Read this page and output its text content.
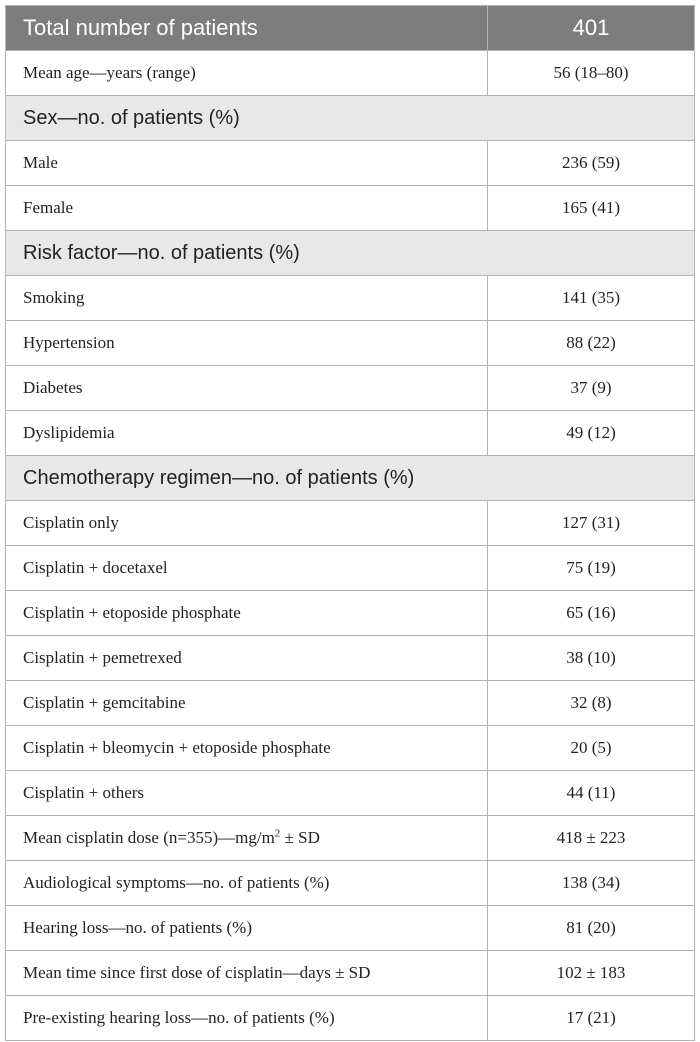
Total number of patients	401
Mean age—years (range)	56 (18–80)
Sex—no. of patients (%)	
Male	236 (59)
Female	165 (41)
Risk factor—no. of patients (%)	
Smoking	141 (35)
Hypertension	88 (22)
Diabetes	37 (9)
Dyslipidemia	49 (12)
Chemotherapy regimen—no. of patients (%)	
Cisplatin only	127 (31)
Cisplatin + docetaxel	75 (19)
Cisplatin + etoposide phosphate	65 (16)
Cisplatin + pemetrexed	38 (10)
Cisplatin + gemcitabine	32 (8)
Cisplatin + bleomycin + etoposide phosphate	20 (5)
Cisplatin + others	44 (11)
Mean cisplatin dose $(n=355)—mg/m^2$ ± SD	418 ± 223
Audiological symptoms—no. of patients (%)	138 (34)
Hearing loss—no. of patients (%)	81 (20)
Mean time since first dose of cisplatin—days ± SD	102 ± 183
Pre-existing hearing loss—no. of patients (%)	17 (21)
